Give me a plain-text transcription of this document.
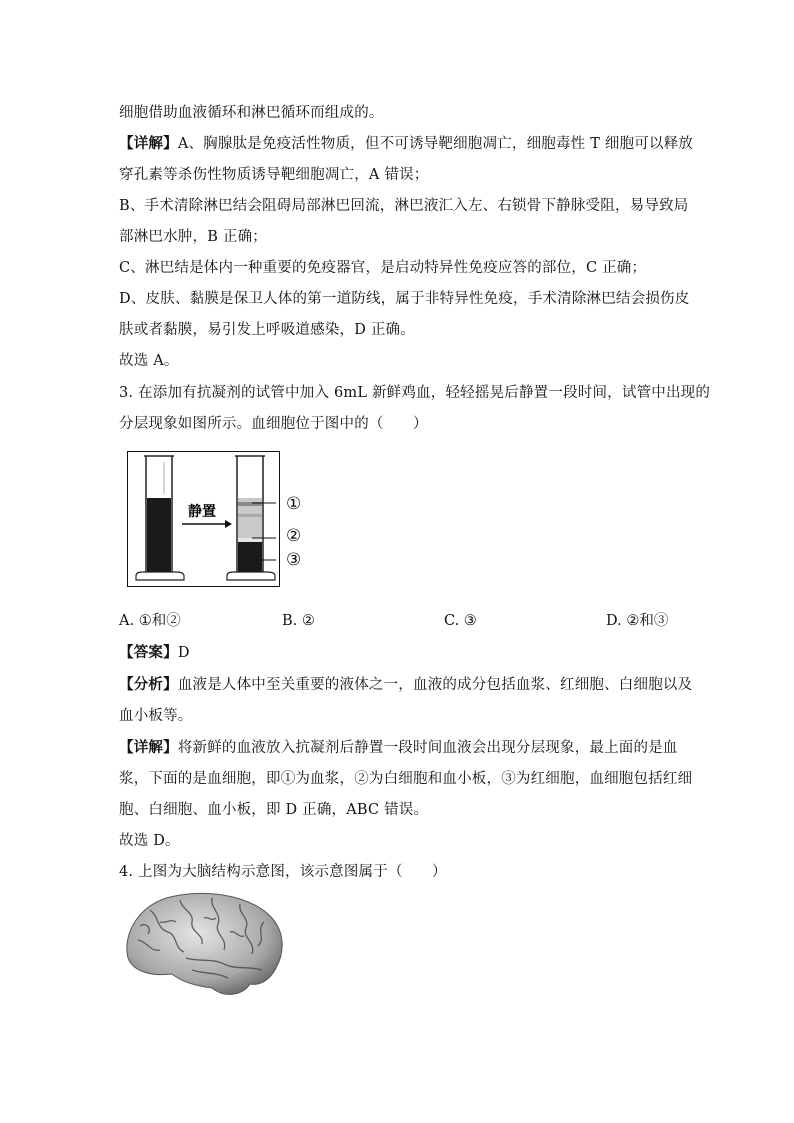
细胞借助血液循环和淋巴循环而组成的。
【详解】A、胸腺肽是免疫活性物质，但不可诱导靶细胞凋亡，细胞毒性 T 细胞可以释放
穿孔素等杀伤性物质诱导靶细胞凋亡，A 错误；
B、手术清除淋巴结会阻碍局部淋巴回流，淋巴液汇入左、右锁骨下静脉受阻，易导致局
部淋巴水肿，B 正确；
C、淋巴结是体内一种重要的免疫器官，是启动特异性免疫应答的部位，C 正确；
D、皮肤、黏膜是保卫人体的第一道防线，属于非特异性免疫，手术清除淋巴结会损伤皮
肤或者黏膜，易引发上呼吸道感染，D 正确。
故选 A。
3. 在添加有抗凝剂的试管中加入 6mL 新鲜鸡血，轻轻摇晃后静置一段时间，试管中出现的
分层现象如图所示。血细胞位于图中的（　　）
静置	①
②
③
A. ①和②	B. ②	C. ③	D. ②和③
【答案】D
【分析】血液是人体中至关重要的液体之一，血液的成分包括血浆、红细胞、白细胞以及
血小板等。
【详解】将新鲜的血液放入抗凝剂后静置一段时间血液会出现分层现象，最上面的是血
浆，下面的是血细胞，即①为血浆，②为白细胞和血小板，③为红细胞，血细胞包括红细
胞、白细胞、血小板，即 D 正确，ABC 错误。
故选 D。
4. 上图为大脑结构示意图，该示意图属于（　　）
